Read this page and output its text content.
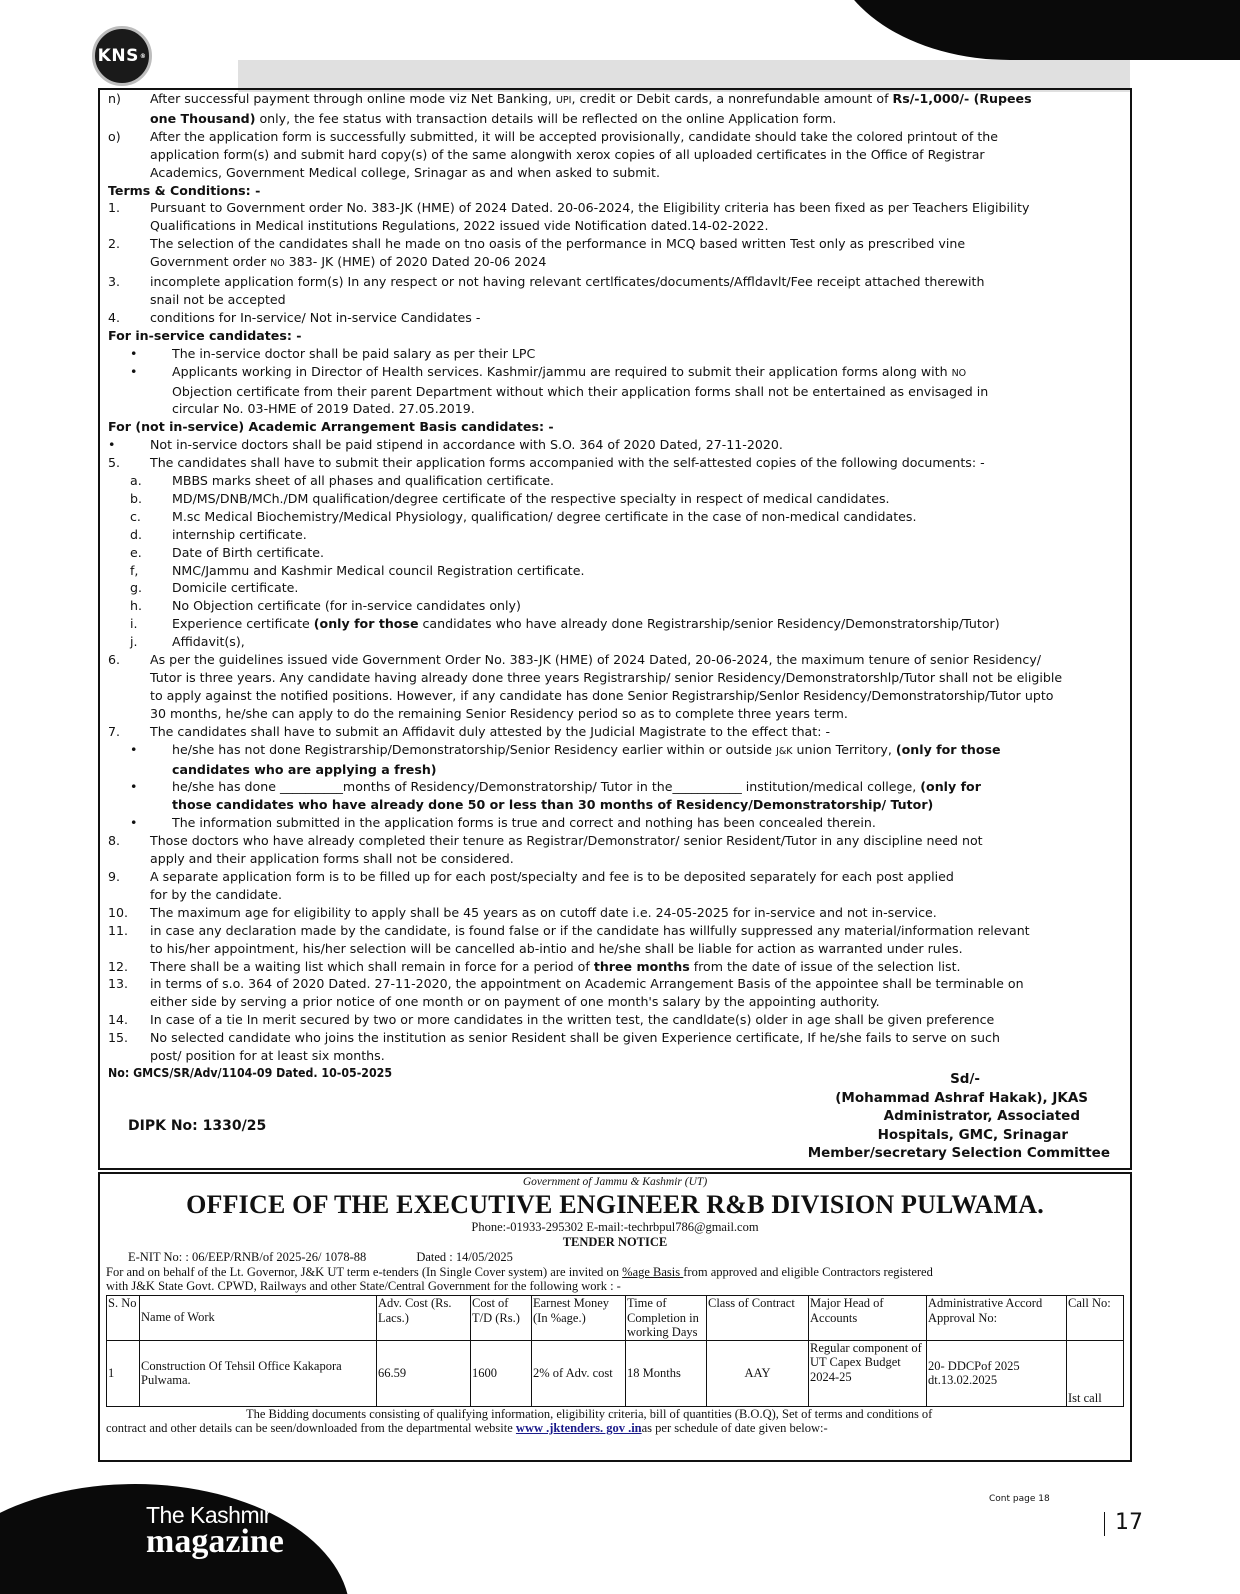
KNS ®
n)	After successful payment through online mode viz Net Banking, UPI, credit or Debit cards, a nonrefundable amount of Rs/-1,000/- (Rupees
one Thousand) only, the fee status with transaction details will be reflected on the online Application form.
o)	After the application form is successfully submitted, it will be accepted provisionally, candidate should take the colored printout of the
application form(s) and submit hard copy(s) of the same alongwith xerox copies of all uploaded certificates in the Office of Registrar
Academics, Government Medical college, Srinagar as and when asked to submit.
Terms & Conditions: -
1.	Pursuant to Government order No. 383-JK (HME) of 2024 Dated. 20-06-2024, the Eligibility criteria has been fixed as per Teachers Eligibility
Qualifications in Medical institutions Regulations, 2022 issued vide Notification dated.14-02-2022.
2.	The selection of the candidates shall he made on tno oasis of the performance in MCQ based written Test only as prescribed vine
Government order NO 383- JK (HME) of 2020 Dated 20-06 2024
3.	incomplete application form(s) In any respect or not having relevant certlficates/documents/Affldavlt/Fee receipt attached therewith
snail not be accepted
4.	conditions for In-service/ Not in-service Candidates -
For in-service candidates: -
•	The in-service doctor shall be paid salary as per their LPC
•	Applicants working in Director of Health services. Kashmir/jammu are required to submit their application forms along with NO
Objection certificate from their parent Department without which their application forms shall not be entertained as envisaged in
circular No. 03-HME of 2019 Dated. 27.05.2019.
For (not in-service) Academic Arrangement Basis candidates: -
•	Not in-service doctors shall be paid stipend in accordance with S.O. 364 of 2020 Dated, 27-11-2020.
5.	The candidates shall have to submit their application forms accompanied with the self-attested copies of the following documents: -
a.	MBBS marks sheet of all phases and qualification certificate.
b.	MD/MS/DNB/MCh./DM qualification/degree certificate of the respective specialty in respect of medical candidates.
c.	M.sc Medical Biochemistry/Medical Physiology, qualification/ degree certificate in the case of non-medical candidates.
d.	internship certificate.
e.	Date of Birth certificate.
f,	NMC/Jammu and Kashmir Medical council Registration certificate.
g.	Domicile certificate.
h.	No Objection certificate (for in-service candidates only)
i.	Experience certificate (only for those candidates who have already done Registrarship/senior Residency/Demonstratorship/Tutor)
j.	Affidavit(s),
6.	As per the guidelines issued vide Government Order No. 383-JK (HME) of 2024 Dated, 20-06-2024, the maximum tenure of senior Residency/
Tutor is three years. Any candidate having already done three years Registrarship/ senior Residency/Demonstratorshlp/Tutor shall not be eligible
to apply against the notified positions. However, if any candidate has done Senior Registrarship/Senlor Residency/Demonstratorship/Tutor upto
30 months, he/she can apply to do the remaining Senior Residency period so as to complete three years term.
7.	The candidates shall have to submit an Affidavit duly attested by the Judicial Magistrate to the effect that: -
•	he/she has not done Registrarship/Demonstratorship/Senior Residency earlier within or outside J&K union Territory, (only for those
candidates who are applying a fresh)
•	he/she has done __________months of Residency/Demonstratorship/ Tutor in the___________ institution/medical college, (only for
those candidates who have already done 50 or less than 30 months of Residency/Demonstratorship/ Tutor)
•	The information submitted in the application forms is true and correct and nothing has been concealed therein.
8.	Those doctors who have already completed their tenure as Registrar/Demonstrator/ senior Resident/Tutor in any discipline need not
apply and their application forms shall not be considered.
9.	A separate application form is to be filled up for each post/specialty and fee is to be deposited separately for each post applied
for by the candidate.
10.	The maximum age for eligibility to apply shall be 45 years as on cutoff date i.e. 24-05-2025 for in-service and not in-service.
11.	in case any declaration made by the candidate, is found false or if the candidate has willfully suppressed any material/information relevant
to his/her appointment, his/her selection will be cancelled ab-intio and he/she shall be liable for action as warranted under rules.
12.	There shall be a waiting list which shall remain in force for a period of three months from the date of issue of the selection list.
13.	in terms of s.o. 364 of 2020 Dated. 27-11-2020, the appointment on Academic Arrangement Basis of the appointee shall be terminable on
either side by serving a prior notice of one month or on payment of one month's salary by the appointing authority.
14.	In case of a tie In merit secured by two or more candidates in the written test, the candldate(s) older in age shall be given preference
15.	No selected candidate who joins the institution as senior Resident shall be given Experience certificate, If he/she fails to serve on such
post/ position for at least six months.
No: GMCS/SR/Adv/1104-09 Dated. 10-05-2025
DIPK No: 1330/25
Sd/-
(Mohammad Ashraf Hakak), JKAS
Administrator, Associated
Hospitals, GMC, Srinagar
Member/secretary Selection Committee
Government of Jammu & Kashmir (UT)
OFFICE OF THE EXECUTIVE ENGINEER R&B DIVISION PULWAMA.
Phone:-01933-295302 E-mail:-techrbpul786@gmail.com
TENDER NOTICE
E-NIT No: : 06/EEP/RNB/of 2025-26/ 1078-88	Dated : 14/05/2025
For and on behalf of the Lt. Governor, J&K UT term e-tenders (In Single Cover system) are invited on %age Basis from approved and eligible Contractors registered
with J&K State Govt. CPWD, Railways and other State/Central Government for the following work : -
S. No	Name of Work	Adv. Cost (Rs. Lacs.)	Cost of T/D (Rs.)	Earnest Money (In %age.)	Time of Completion in working Days	Class of Contract	Major Head of Accounts	Administrative Accord Approval No:	Call No:
1	Construction Of Tehsil Office Kakapora Pulwama.	66.59	1600	2% of Adv. cost	18 Months	AAY	Regular component of UT Capex Budget 2024-25	20- DDCPof 2025 dt.13.02.2025	Ist call
The Bidding documents consisting of qualifying information, eligibility criteria, bill of quantities (B.O.Q), Set of terms and conditions of
contract and other details can be seen/downloaded from the departmental website www .jktenders. gov .inas per schedule of date given below:-
Cont page 18
17
The Kashmir
magazine
